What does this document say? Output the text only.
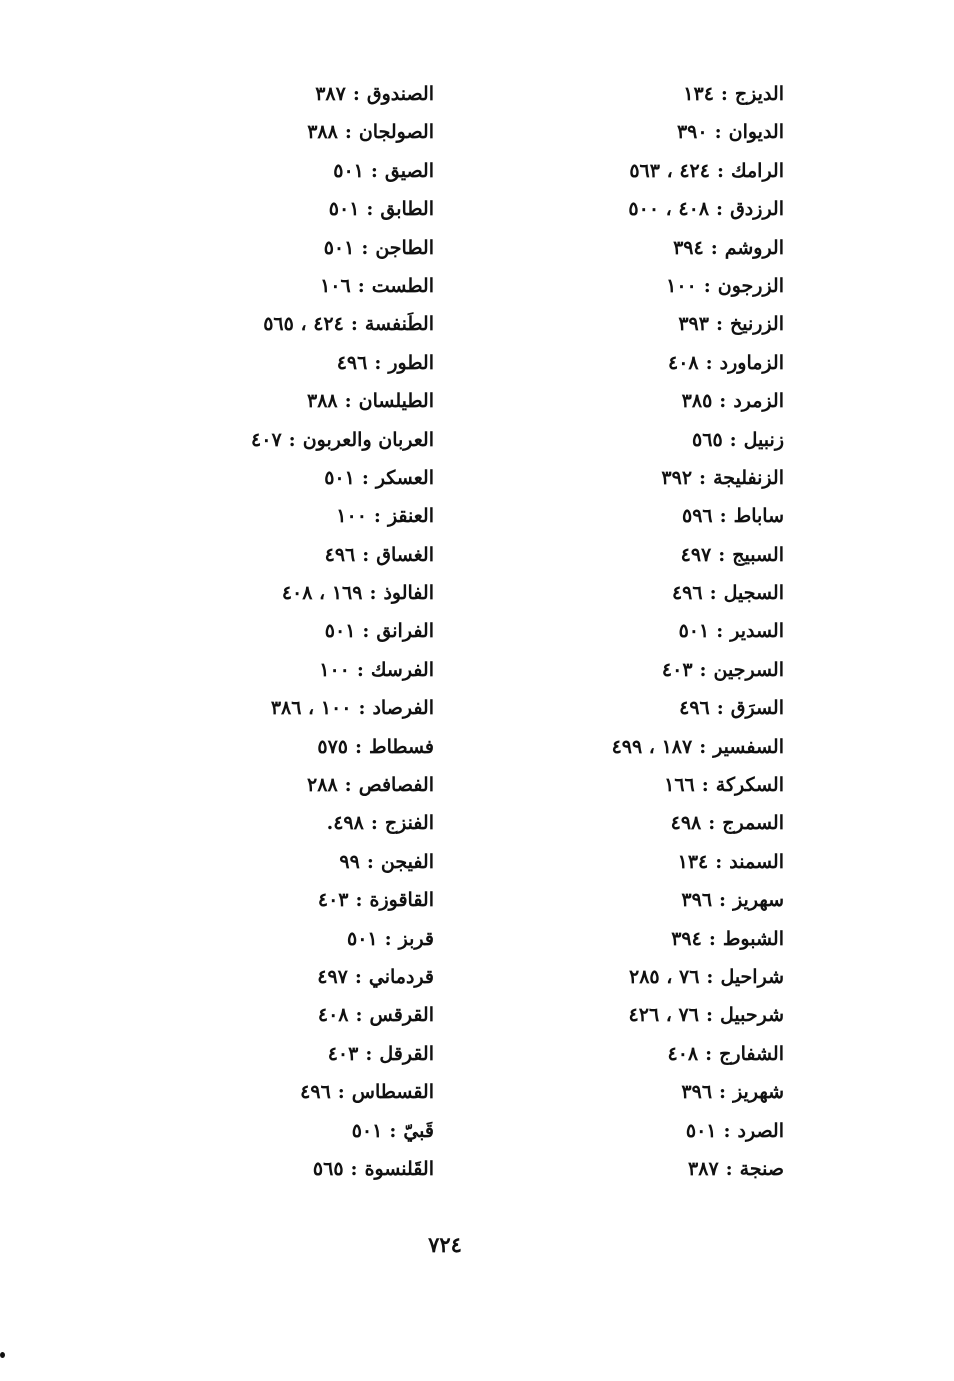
الديزج:١٣٤
الديوان:٣٩٠
الرامك:٤٢٤ ، ٥٦٣
الرزدق:٤٠٨ ، ٥٠٠
الروشم:٣٩٤
الزرجون:١٠٠
الزرنيخ:٣٩٣
الزماورد:٤٠٨
الزمرد:٣٨٥
زنبيل:٥٦٥
الزنفليجة:٣٩٢
ساباط:٥٩٦
السبيج:٤٩٧
السجيل:٤٩٦
السدير:٥٠١
السرجين:٤٠٣
السرَق:٤٩٦
السفسير:١٨٧ ، ٤٩٩
السكركة:١٦٦
السمرج:٤٩٨
السمند:١٣٤
سهريز:٣٩٦
الشبوط:٣٩٤
شراحيل:٧٦ ، ٢٨٥
شرحبيل:٧٦ ، ٤٢٦
الشفارج:٤٠٨
شهريز:٣٩٦
الصرد:٥٠١
صنجة:٣٨٧
الصندوق:٣٨٧
الصولجان:٣٨٨
الصيق:٥٠١
الطابق:٥٠١
الطاجن:٥٠١
الطست:١٠٦
الطَنفسة:٤٢٤ ، ٥٦٥
الطور:٤٩٦
الطيلسان:٣٨٨
العربان والعربون:٤٠٧
العسكر:٥٠١
العنقز:١٠٠
الغساق:٤٩٦
الفالوذ:١٦٩ ، ٤٠٨
الفرانق:٥٠١
الفرسك:١٠٠
الفرصاد:١٠٠ ، ٣٨٦
فسطاط:٥٧٥
الفصافص:٢٨٨
الفنزج:٤٩٨.
الفيجن:٩٩
القاقوزة:٤٠٣
قربز:٥٠١
قردماني:٤٩٧
القرقس:٤٠٨
القرقل:٤٠٣
القسطاس:٤٩٦
قَبيّ:٥٠١
القَلنسوة:٥٦٥
٧٢٤
